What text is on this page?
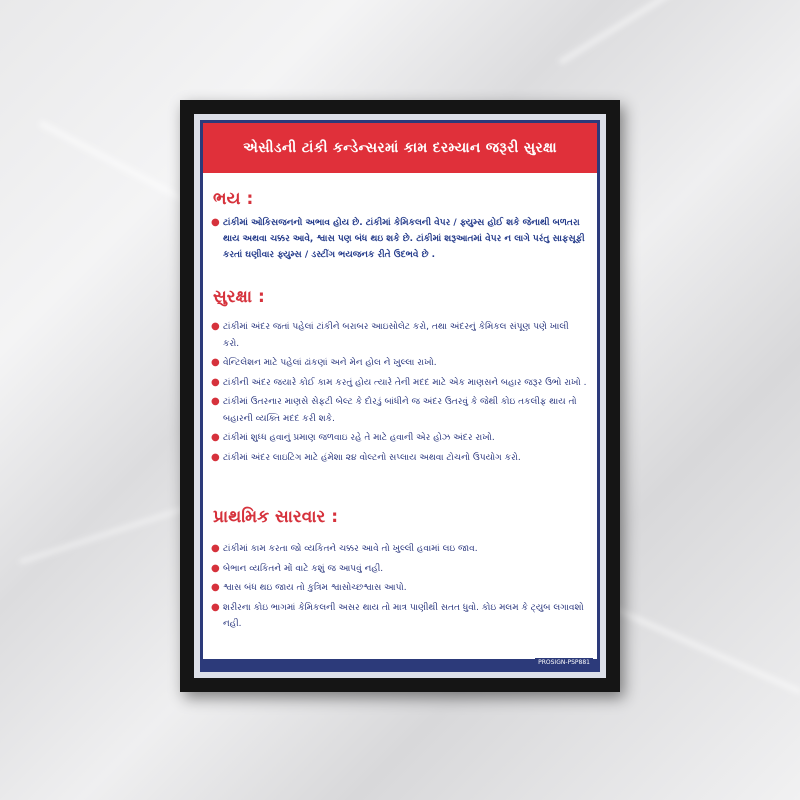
એસીડની ટાંકી કન્ડેન્સરમાં કામ દરમ્યાન જરૂરી સુરક્ષા
ભય :
● ટાંકીમાં ઓકિસજનનો અભાવ હોય છે. ટાંકીમાં કેમિકલની વેપર / ફ્યુમ્સ હોઈ શકે જેનાથી બળતરા થાય અથવા ચક્કર આવે, શ્વાસ પણ બંધ થઇ શકે છે. ટાંકીમાં શરૂઆતમાં વેપર ન લાગે પરંતુ સાફસૂફી કરતાં ઘણીવાર ફ્યુમ્સ / ડસ્ટીંગ ભયજનક રીતે ઉદભવે છે .
સુરક્ષા :
● ટાંકીમાં અંદર જતાં પહેલાં ટાંકીને બરાબર આઇસોલેટ કરો, તથા અંદરનું કેમિકલ સંપૂણ પણે ખાલી કરો.
● વેન્ટિલેશન માટે પહેલાં ઢાંકણાં અને મેન હોલ ને ખુલ્લા રાખો.
● ટાંકીની અંદર જયારે કોઈ કામ કરતું હોય ત્યારે તેની મદદ માટે એક માણસને બહાર જરૂર ઉભો રાખો .
● ટાંકીમાં ઉતરનાર માણસે સેફટી બેલ્ટ કે દોરડું બાંધીને જ અંદર ઉતરવું કે જેથી કોઇ તકલીફ થાય તો બહારની વ્યક્તિ મદદ કરી શકે.
● ટાંકીમાં શુધ્ધ હવાનું પ્રમાણ જળવાઇ રહે તે માટે હવાની એર હોઝ અંદર રાખો.
● ટાંકીમાં અંદર લાઇટિંગ માટે હંમેશા ૨૪ વોલ્ટનો સપ્લાય અથવા ટોચનો ઉપયોગ કરો.
પ્રાથમિક સારવાર :
● ટાંકીમાં કામ કરતા જો વ્યકિતને ચક્કર આવે તો ખુલ્લી હવામાં લઇ જાવ.
● બેભાન વ્યકિતને મોં વાટે કશું જ આપવું નહી.
● શ્વાસ બંધ થઇ જાય તો કુત્રિમ શ્વાસોચ્છશ્વાસ આપો.
● શરીરના કોઇ ભાગમાં કેમિકલની અસર થાય તો માત્ર પાણીથી સતત ધુવો. કોઇ મલમ કે ટ્યુબ લગાવશો નહી.
PROSIGN-PSP881
